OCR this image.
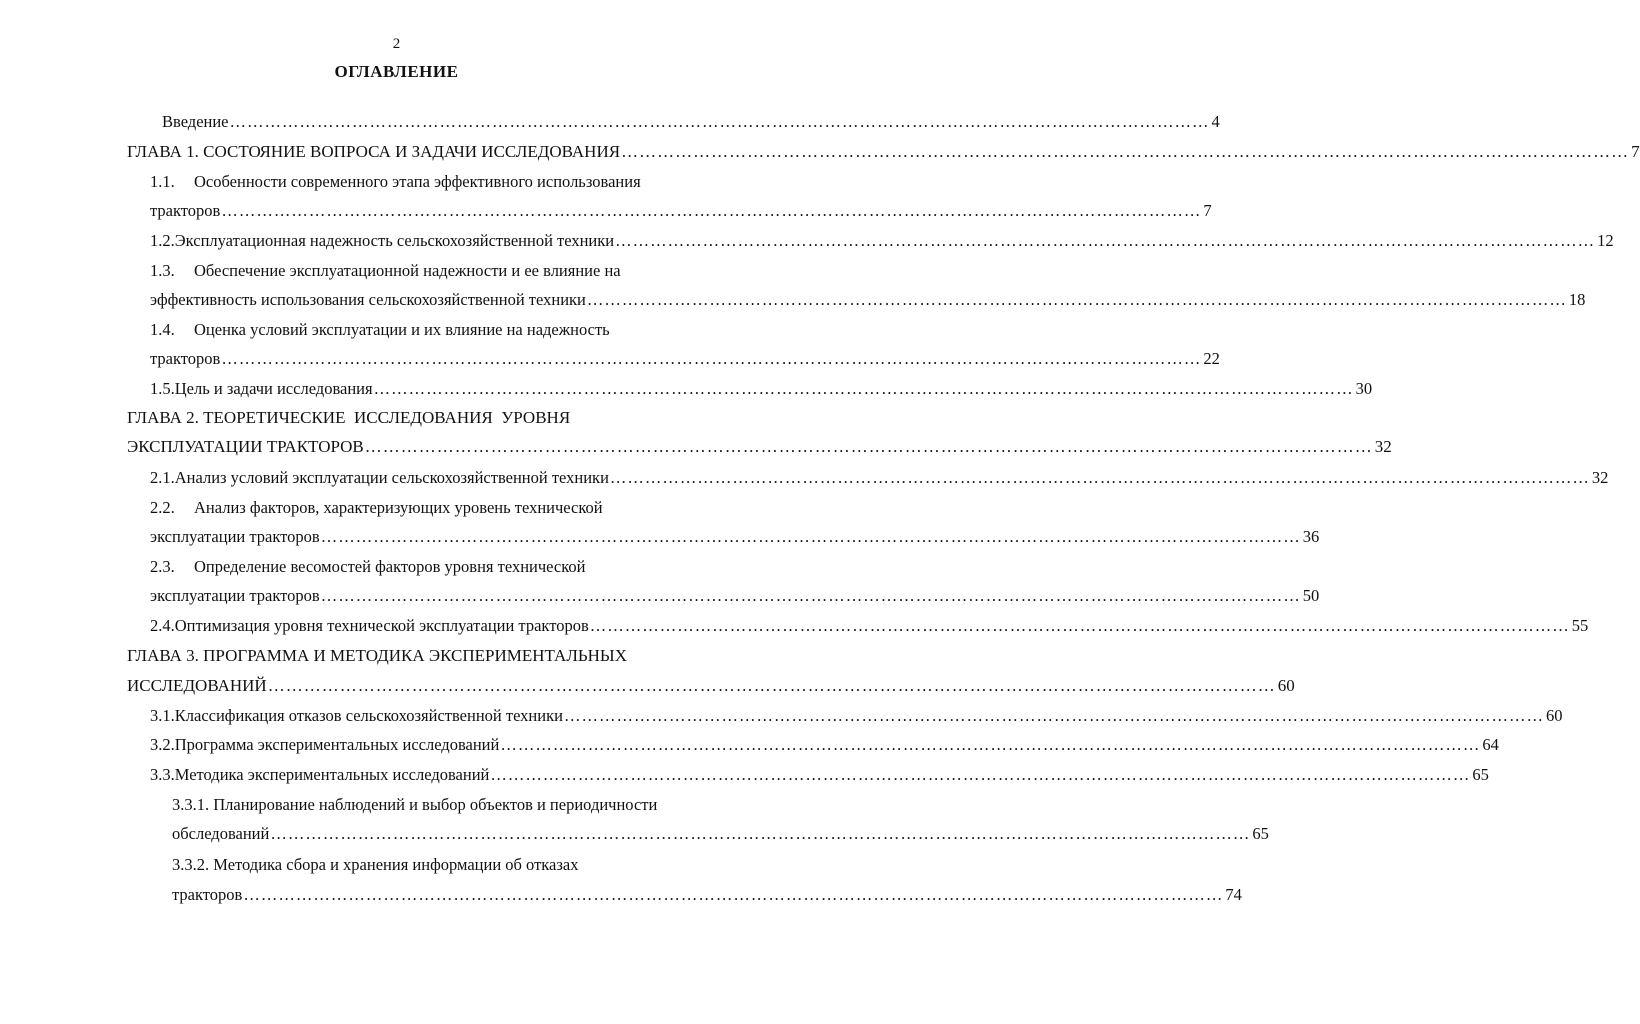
2
ОГЛАВЛЕНИЕ
Введение …………………………………………………………………………………………………………………………………………………… 4
ГЛАВА 1. СОСТОЯНИЕ ВОПРОСА И ЗАДАЧИ ИССЛЕДОВАНИЯ …………………………………………………………………………………………………………………………………………………… 7
1.1.	Особенности современного этапа эффективного использования
тракторов …………………………………………………………………………………………………………………………………………………… 7
1.2. Эксплуатационная надежность сельскохозяйственной техники …………………………………………………………………………………………………………………………………………………… 12
1.3.	Обеспечение эксплуатационной надежности и ее влияние на
эффективность использования сельскохозяйственной техники …………………………………………………………………………………………………………………………………………………… 18
1.4.	Оценка условий эксплуатации и их влияние на надежность
тракторов …………………………………………………………………………………………………………………………………………………… 22
1.5. Цель и задачи исследования …………………………………………………………………………………………………………………………………………………… 30
ГЛАВА 2. ТЕОРЕТИЧЕСКИЕ  ИССЛЕДОВАНИЯ  УРОВНЯ
ЭКСПЛУАТАЦИИ ТРАКТОРОВ …………………………………………………………………………………………………………………………………………………… 32
2.1. Анализ условий эксплуатации сельскохозяйственной техники …………………………………………………………………………………………………………………………………………………… 32
2.2.	Анализ факторов, характеризующих уровень технической
эксплуатации тракторов …………………………………………………………………………………………………………………………………………………… 36
2.3.	Определение весомостей факторов уровня технической
эксплуатации тракторов …………………………………………………………………………………………………………………………………………………… 50
2.4. Оптимизация уровня технической эксплуатации тракторов …………………………………………………………………………………………………………………………………………………… 55
ГЛАВА 3. ПРОГРАММА И МЕТОДИКА ЭКСПЕРИМЕНТАЛЬНЫХ
ИССЛЕДОВАНИЙ …………………………………………………………………………………………………………………………………………………… 60
3.1. Классификация отказов сельскохозяйственной техники …………………………………………………………………………………………………………………………………………………… 60
3.2. Программа экспериментальных исследований …………………………………………………………………………………………………………………………………………………… 64
3.3. Методика экспериментальных исследований …………………………………………………………………………………………………………………………………………………… 65
3.3.1. Планирование наблюдений и выбор объектов и периодичности
обследований …………………………………………………………………………………………………………………………………………………… 65
3.3.2. Методика сбора и хранения информации об отказах
тракторов …………………………………………………………………………………………………………………………………………………… 74
